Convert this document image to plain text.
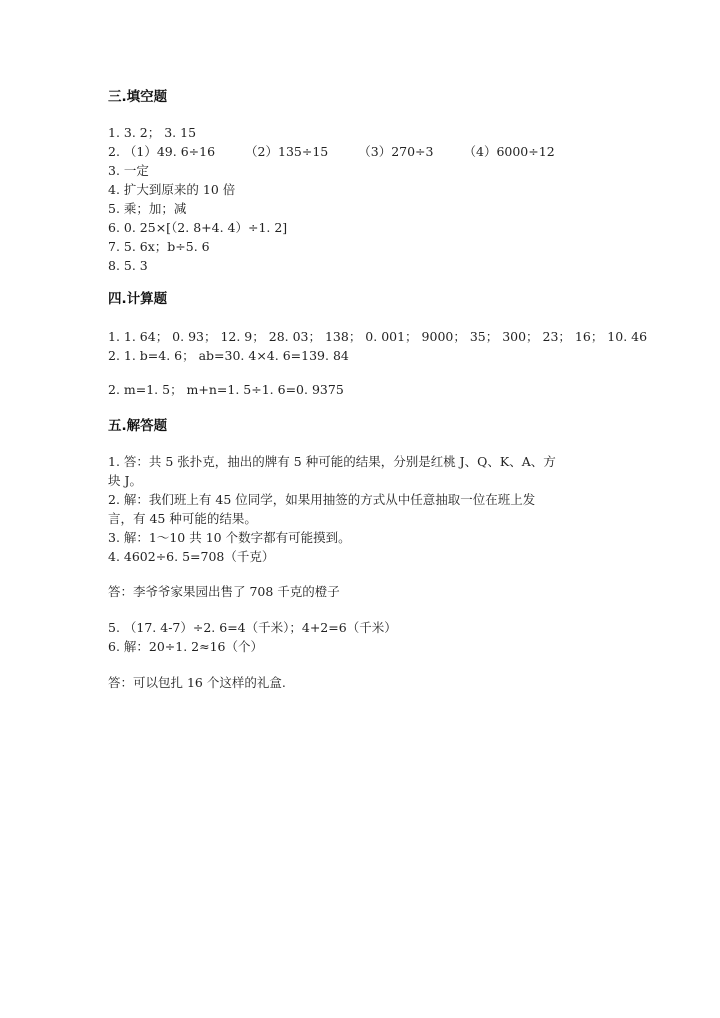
三.填空题
1. 3. 2； 3. 15
2. （1）49. 6÷16 （2）135÷15 （3）270÷3 （4）6000÷12
3. 一定
4. 扩大到原来的 10 倍
5. 乘；加；减
6. 0. 25×[（2. 8+4. 4）÷1. 2]
7. 5. 6x；b÷5. 6
8. 5. 3
四.计算题
1. 1. 64； 0. 93； 12. 9； 28. 03； 138； 0. 001； 9000； 35； 300； 23； 16； 10. 46
2. 1. b=4. 6； ab=30. 4×4. 6=139. 84
2. m=1. 5； m+n=1. 5÷1. 6=0. 9375
五.解答题
1. 答：共 5 张扑克，抽出的牌有 5 种可能的结果，分别是红桃 J、Q、K、A、方
块 J。
2. 解：我们班上有 45 位同学，如果用抽签的方式从中任意抽取一位在班上发
言，有 45 种可能的结果。
3. 解：1～10 共 10 个数字都有可能摸到。
4. 4602÷6. 5=708（千克）
答：李爷爷家果园出售了 708 千克的橙子
5. （17. 4-7）÷2. 6=4（千米）；4+2=6（千米）
6. 解：20÷1. 2≈16（个）
答：可以包扎 16 个这样的礼盒.
